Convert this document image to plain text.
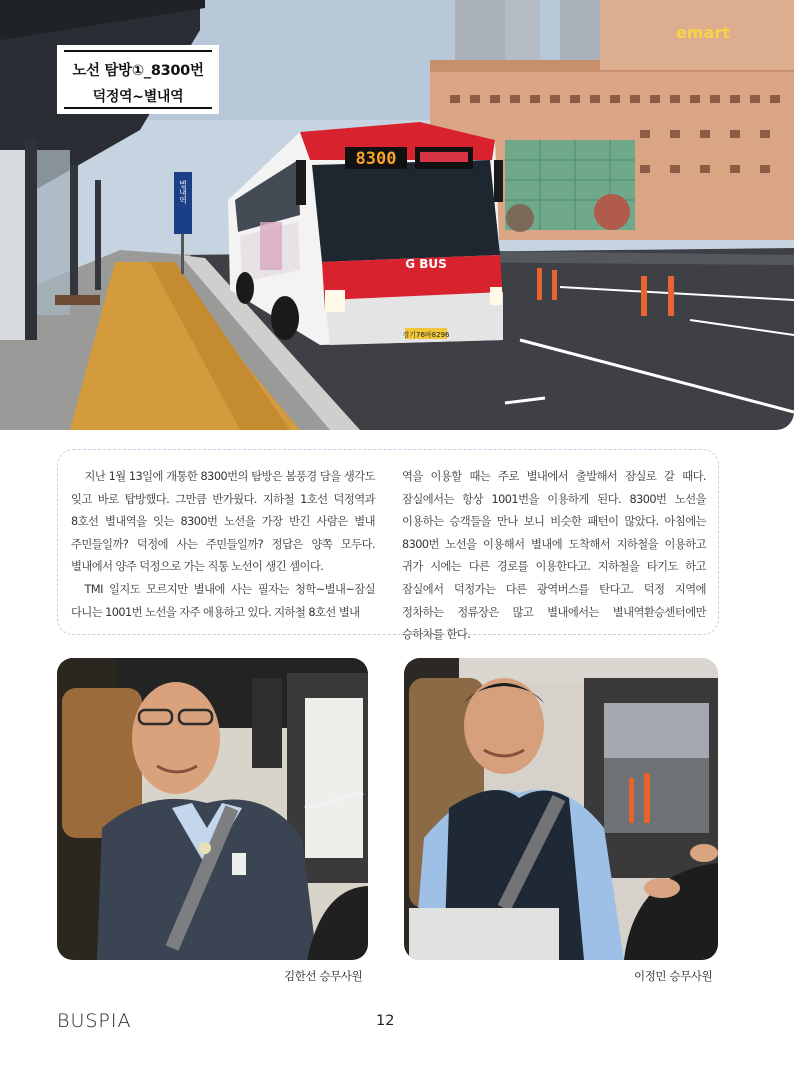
emart
별내역
8300
G BUS
경기76바8296
노선 탐방①_8300번
덕정역~별내역

지난 1월 13일에 개통한 8300번의 탐방은 봄풍경 담을 생각도 잊고 바로 탑방했다. 그만큼 반가웠다. 지하철 1호선 덕정역과 8호선 별내역을 잇는 8300번 노선을 가장 반긴 사람은 별내 주민들일까? 덕정에 사는 주민들일까? 정답은 양쪽 모두다. 별내에서 양주 덕정으로 가는 직통 노선이 생긴 셈이다.

TMI 일지도 모르지만 별내에 사는 필자는 청학~별내~잠실 다니는 1001번 노선을 자주 애용하고 있다. 지하철 8호선 별내

역을 이용할 때는 주로 별내에서 출발해서 잠실로 갈 때다. 잠실에서는 항상 1001번을 이용하게 된다. 8300번 노선을 이용하는 승객들을 만나 보니 비슷한 패턴이 많았다. 아침에는 8300번 노선을 이용해서 별내에 도착해서 지하철을 이용하고 귀가 시에는 다른 경로를 이용한다고. 지하철을 타기도 하고 잠실에서 덕정가는 다른 광역버스를 탄다고. 덕정 지역에 정차하는 정류장은 많고 별내에서는 별내역환승센터에만 승하차를 한다.

김한선 승무사원	이정민 승무사원
BUSPIA	12
